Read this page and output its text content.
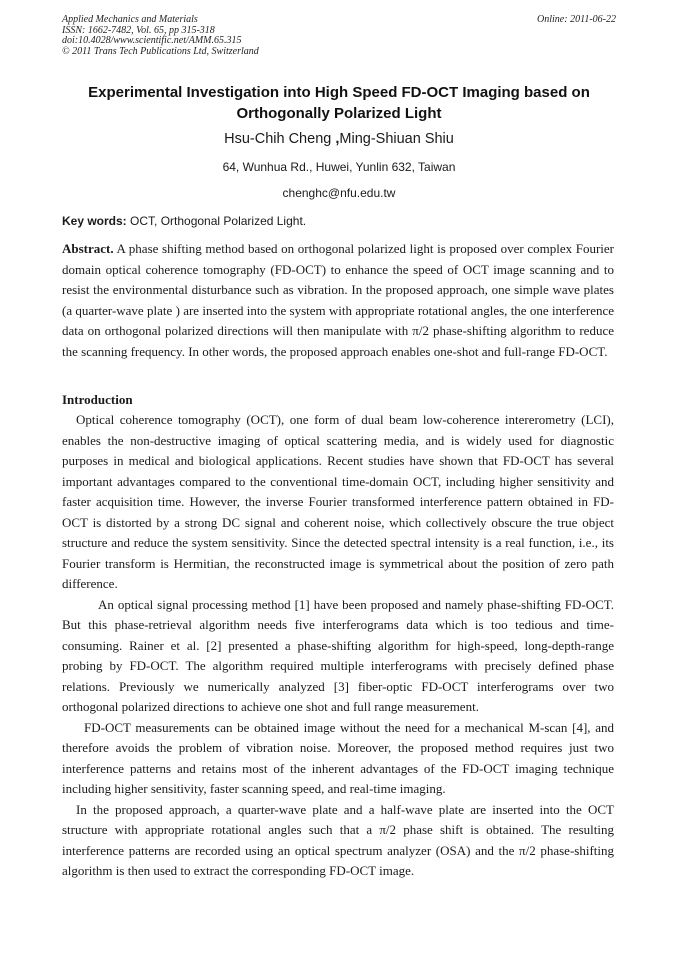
Applied Mechanics and Materials
ISSN: 1662-7482, Vol. 65, pp 315-318
doi:10.4028/www.scientific.net/AMM.65.315
© 2011 Trans Tech Publications Ltd, Switzerland
Online: 2011-06-22
Experimental Investigation into High Speed FD-OCT Imaging based on Orthogonally Polarized Light
Hsu-Chih Cheng ,Ming-Shiuan Shiu
64, Wunhua Rd., Huwei, Yunlin 632, Taiwan
chenghc@nfu.edu.tw
Key words: OCT, Orthogonal Polarized Light.
Abstract. A phase shifting method based on orthogonal polarized light is proposed over complex Fourier domain optical coherence tomography (FD-OCT) to enhance the speed of OCT image scanning and to resist the environmental disturbance such as vibration. In the proposed approach, one simple wave plates (a quarter-wave plate ) are inserted into the system with appropriate rotational angles, the one interference data on orthogonal polarized directions will then manipulate with π/2 phase-shifting algorithm to reduce the scanning frequency. In other words, the proposed approach enables one-shot and full-range FD-OCT.
Introduction

Optical coherence tomography (OCT), one form of dual beam low-coherence intererometry (LCI), enables the non-destructive imaging of optical scattering media, and is widely used for diagnostic purposes in medical and biological applications. Recent studies have shown that FD-OCT has several important advantages compared to the conventional time-domain OCT, including higher sensitivity and faster acquisition time. However, the inverse Fourier transformed interference pattern obtained in FD-OCT is distorted by a strong DC signal and coherent noise, which collectively obscure the true object structure and reduce the system sensitivity. Since the detected spectral intensity is a real function, i.e., its Fourier transform is Hermitian, the reconstructed image is symmetrical about the position of zero path difference.

An optical signal processing method [1] have been proposed and namely phase-shifting FD-OCT. But this phase-retrieval algorithm needs five interferograms data which is too tedious and time-consuming. Rainer et al. [2] presented a phase-shifting algorithm for high-speed, long-depth-range probing by FD-OCT. The algorithm required multiple interferograms with precisely defined phase relations. Previously we numerically analyzed [3] fiber-optic FD-OCT interferograms over two orthogonal polarized directions to achieve one shot and full range measurement.

FD-OCT measurements can be obtained image without the need for a mechanical M-scan [4], and therefore avoids the problem of vibration noise. Moreover, the proposed method requires just two interference patterns and retains most of the inherent advantages of the FD-OCT imaging technique including higher sensitivity, faster scanning speed, and real-time imaging.

In the proposed approach, a quarter-wave plate and a half-wave plate are inserted into the OCT structure with appropriate rotational angles such that a π/2 phase shift is obtained. The resulting interference patterns are recorded using an optical spectrum analyzer (OSA) and the π/2 phase-shifting algorithm is then used to extract the corresponding FD-OCT image.
